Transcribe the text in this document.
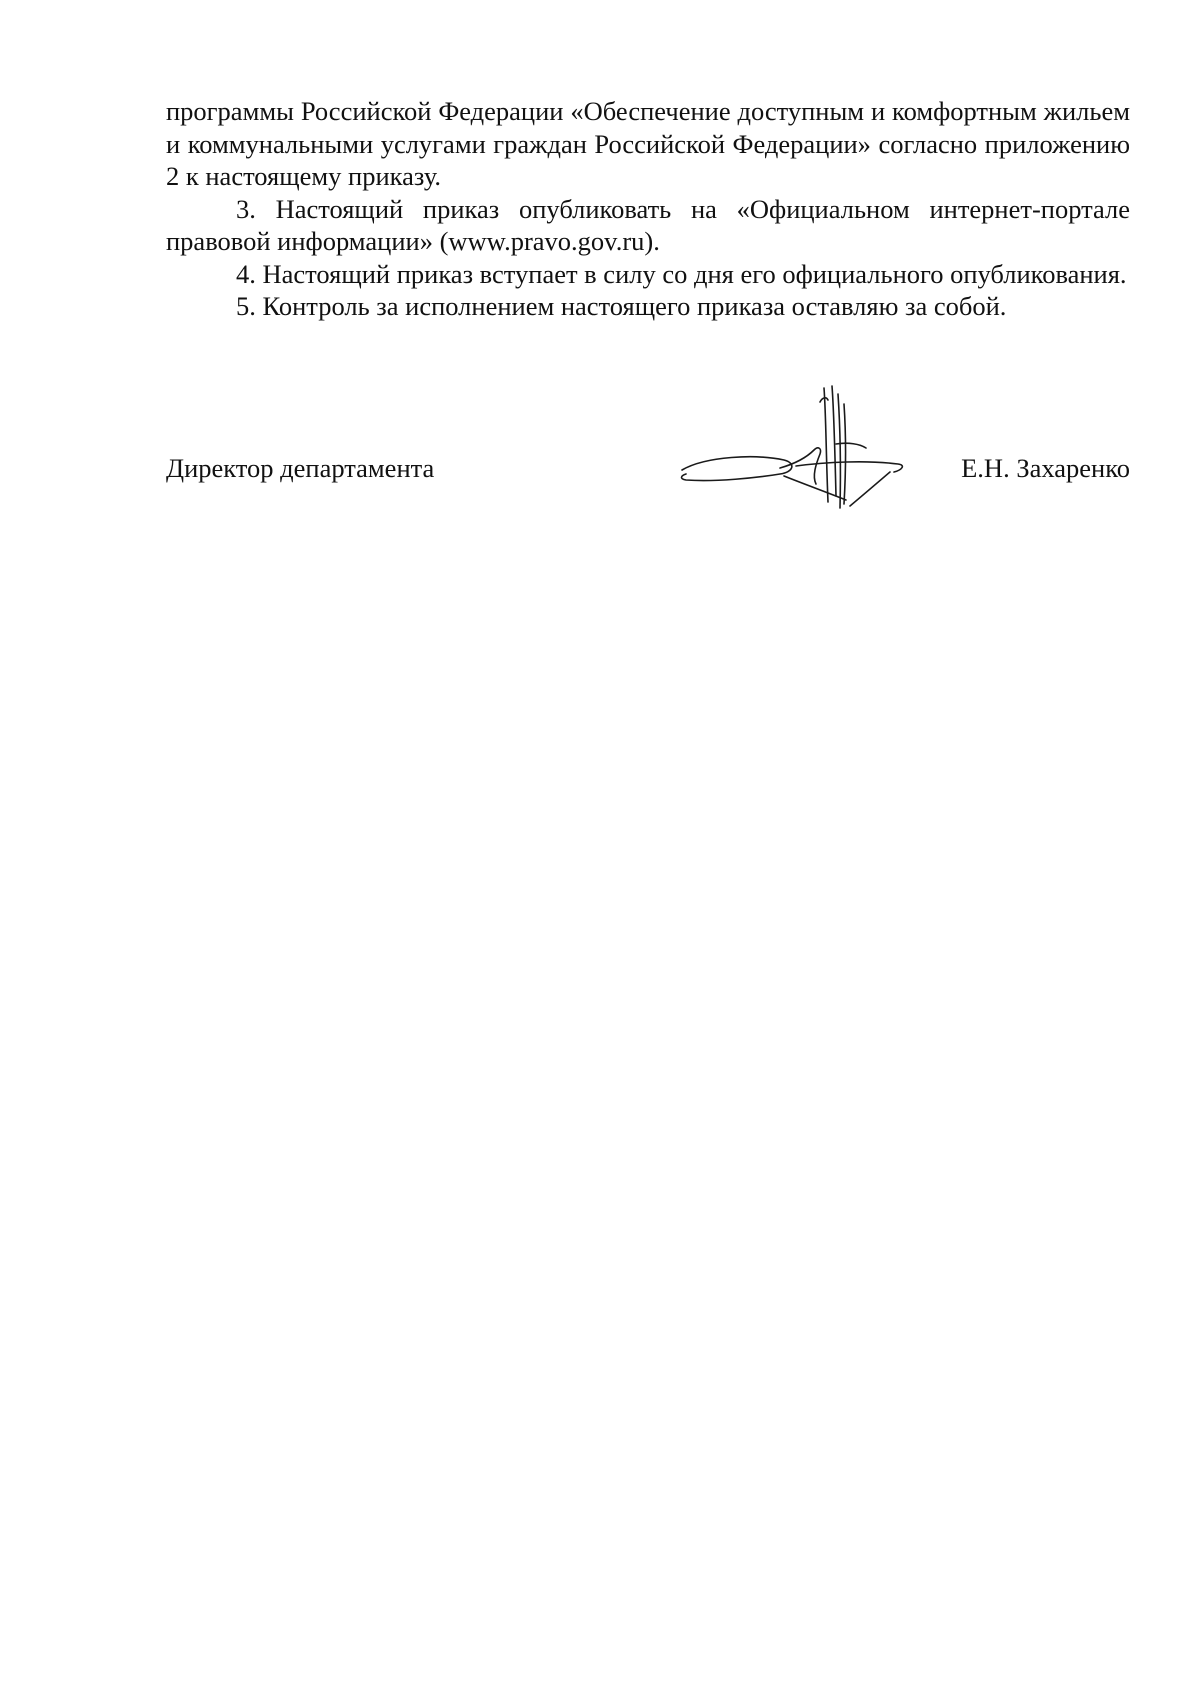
программы Российской Федерации «Обеспечение доступным и комфортным жильем и коммунальными услугами граждан Российской Федерации» согласно приложению 2 к настоящему приказу.

3. Настоящий приказ опубликовать на «Официальном интернет-портале правовой информации» (www.pravo.gov.ru).

4. Настоящий приказ вступает в силу со дня его официального опубликования.

5. Контроль за исполнением настоящего приказа оставляю за собой.

Директор департамента	Е.Н. Захаренко
